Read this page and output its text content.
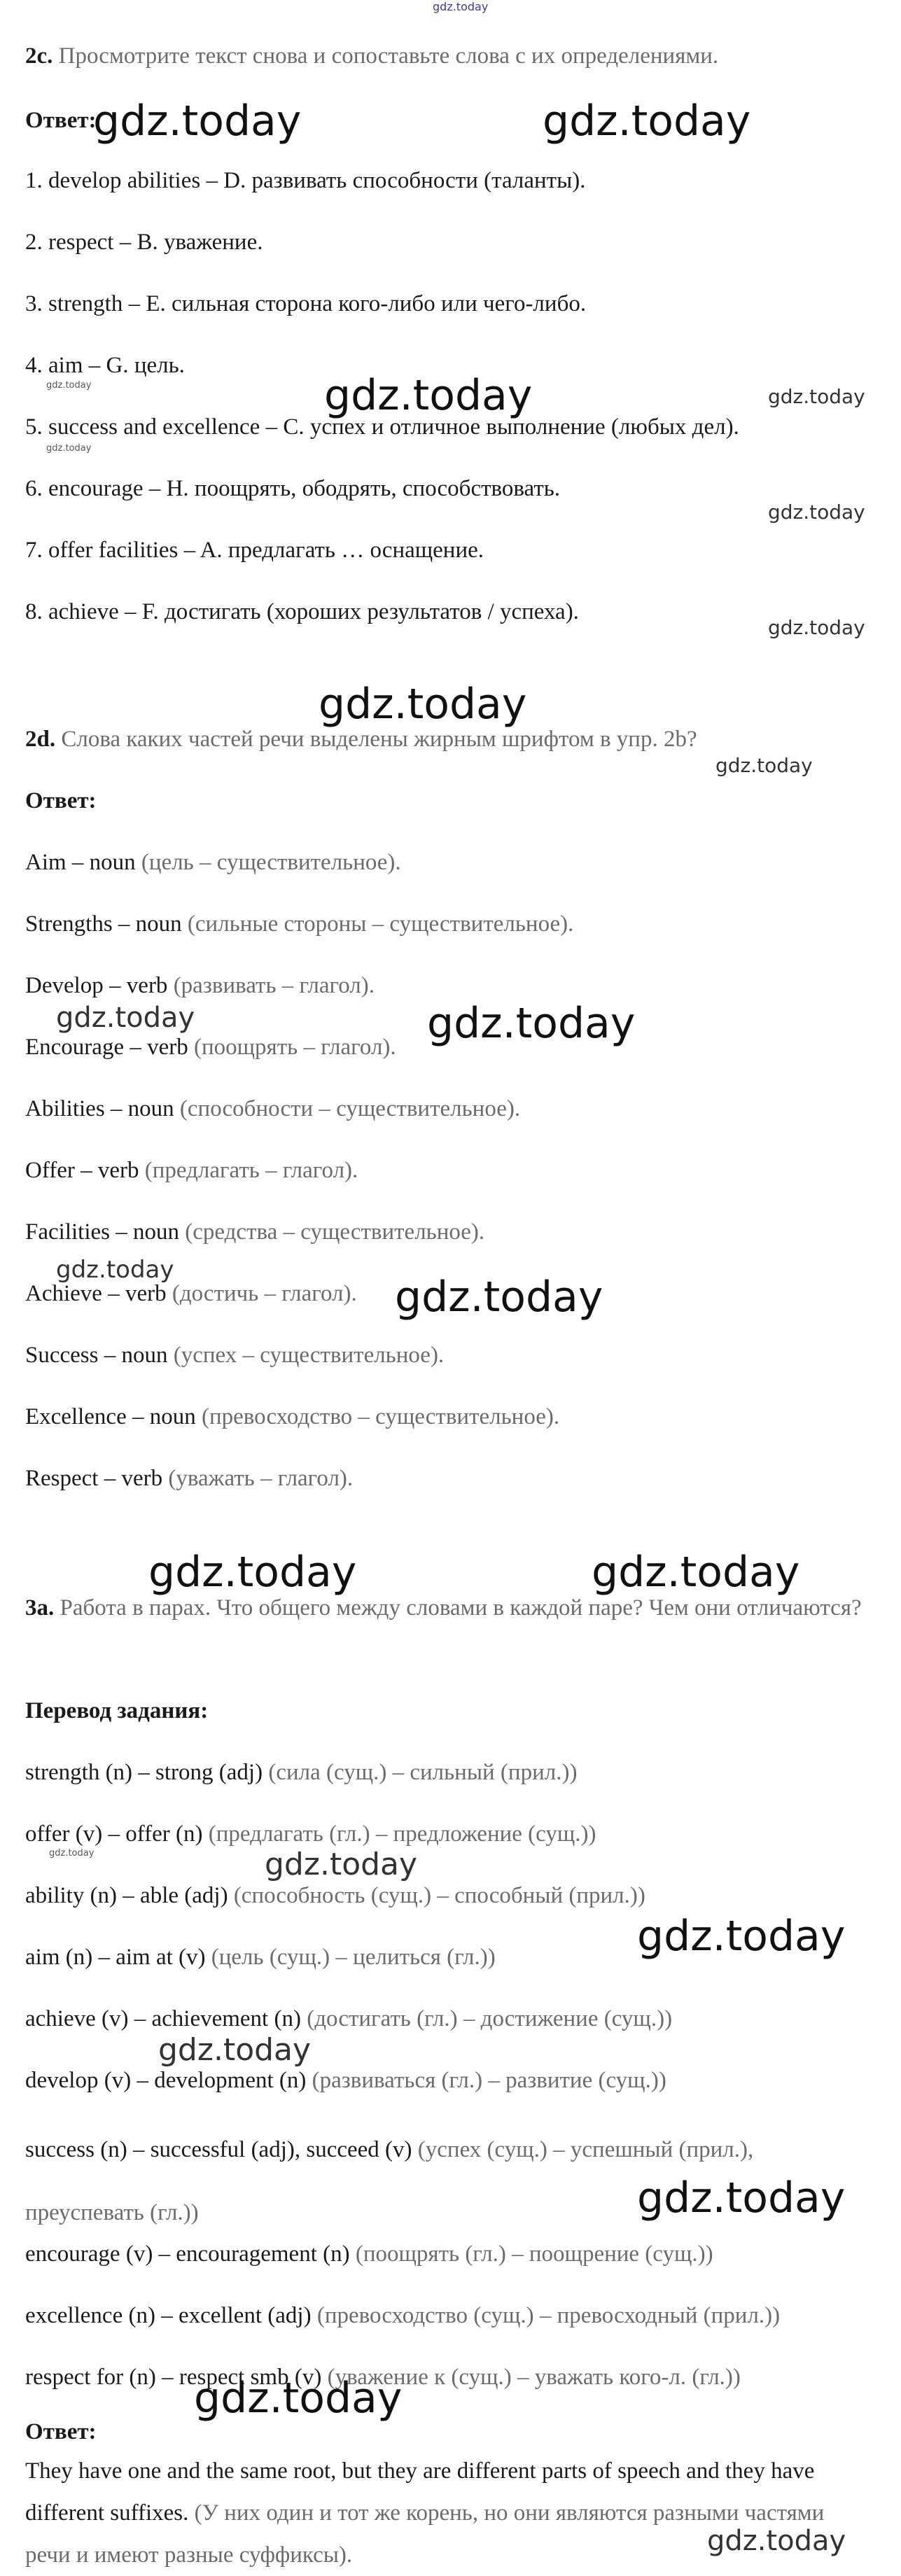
gdz.today
2c. Просмотрите текст снова и сопоставьте слова с их определениями.
Ответ:
1. develop abilities – D. развивать способности (таланты).
2. respect – B. уважение.
3. strength – E. сильная сторона кого-либо или чего-либо.
4. aim – G. цель.
5. success and excellence – C. успех и отличное выполнение (любых дел).
6. encourage – H. поощрять, ободрять, способствовать.
7. offer facilities – A. предлагать … оснащение.
8. achieve – F. достигать (хороших результатов / успеха).
2d. Слова каких частей речи выделены жирным шрифтом в упр. 2b?
Ответ:
Aim – noun (цель – существительное).
Strengths – noun (сильные стороны – существительное).
Develop – verb (развивать – глагол).
Encourage – verb (поощрять – глагол).
Abilities – noun (способности – существительное).
Offer – verb (предлагать – глагол).
Facilities – noun (средства – существительное).
Achieve – verb (достичь – глагол).
Success – noun (успех – существительное).
Excellence – noun (превосходство – существительное).
Respect – verb (уважать – глагол).
3a. Работа в парах. Что общего между словами в каждой паре? Чем они отличаются?
Перевод задания:
strength (n) – strong (adj) (сила (сущ.) – сильный (прил.))
offer (v) – offer (n) (предлагать (гл.) – предложение (сущ.))
ability (n) – able (adj) (способность (сущ.) – способный (прил.))
aim (n) – aim at (v) (цель (сущ.) – целиться (гл.))
achieve (v) – achievement (n) (достигать (гл.) – достижение (сущ.))
develop (v) – development (n) (развиваться (гл.) – развитие (сущ.))
success (n) – successful (adj), succeed (v) (успех (сущ.) – успешный (прил.), преуспевать (гл.))
encourage (v) – encouragement (n) (поощрять (гл.) – поощрение (сущ.))
excellence (n) – excellent (adj) (превосходство (сущ.) – превосходный (прил.))
respect for (n) – respect smb (v) (уважение к (сущ.) – уважать кого-л. (гл.))
Ответ:
They have one and the same root, but they are different parts of speech and they have different suffixes. (У них один и тот же корень, но они являются разными частями речи и имеют разные суффиксы).
gdz.today	gdz.today
gdz.today	gdz.today	gdz.today
gdz.today
gdz.today
gdz.today
gdz.today
gdz.today
gdz.today	gdz.today
gdz.today
gdz.today
gdz.today	gdz.today
gdz.today	gdz.today
gdz.today
gdz.today
gdz.today
gdz.today
gdz.today
